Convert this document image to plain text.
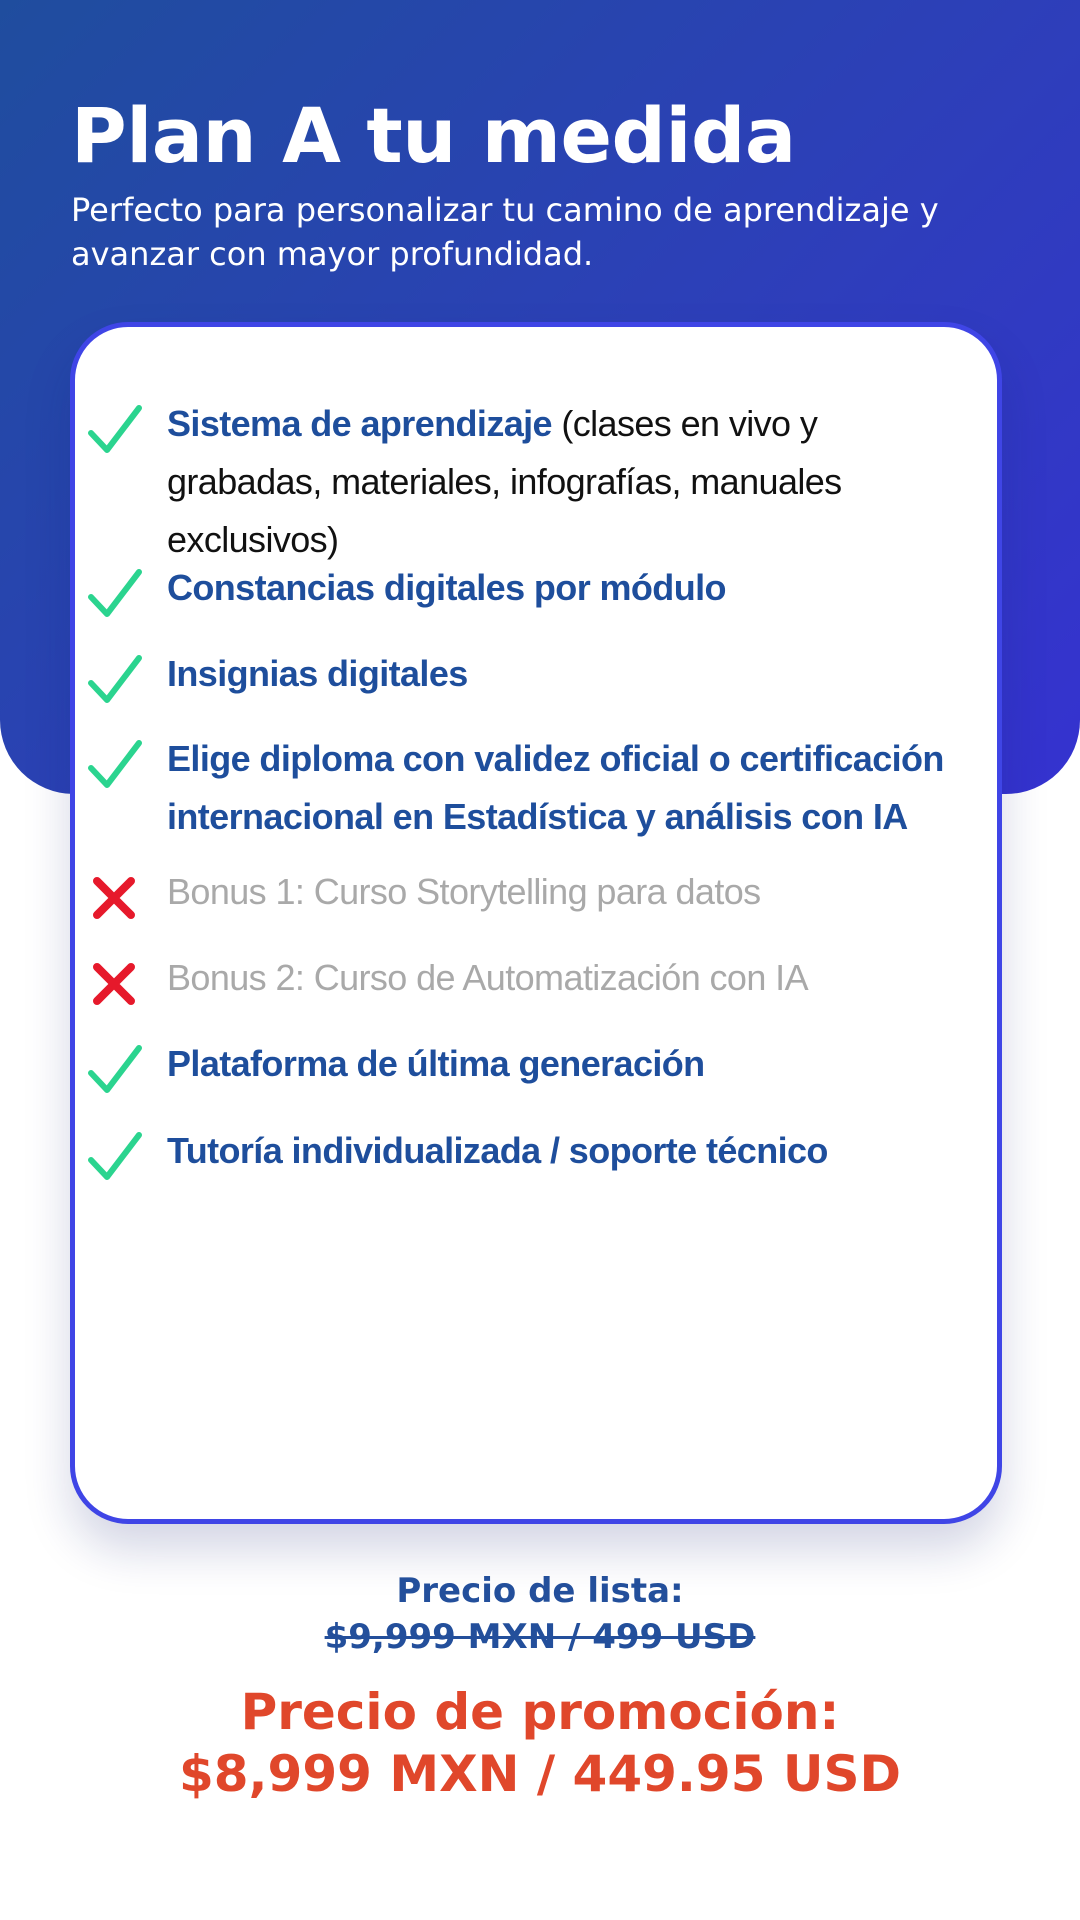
Plan A tu medida
Perfecto para personalizar tu camino de aprendizaje y avanzar con mayor profundidad.
Sistema de aprendizaje (clases en vivo y grabadas, materiales, infografías, manuales exclusivos)
Constancias digitales por módulo
Insignias digitales
Elige diploma con validez oficial o certificación internacional en Estadística y análisis con IA
Bonus 1: Curso Storytelling para datos
Bonus 2: Curso de Automatización con IA
Plataforma de última generación
Tutoría individualizada / soporte técnico
Precio de lista:
$9,999 MXN / 499 USD
Precio de promoción:
$8,999 MXN / 449.95 USD
